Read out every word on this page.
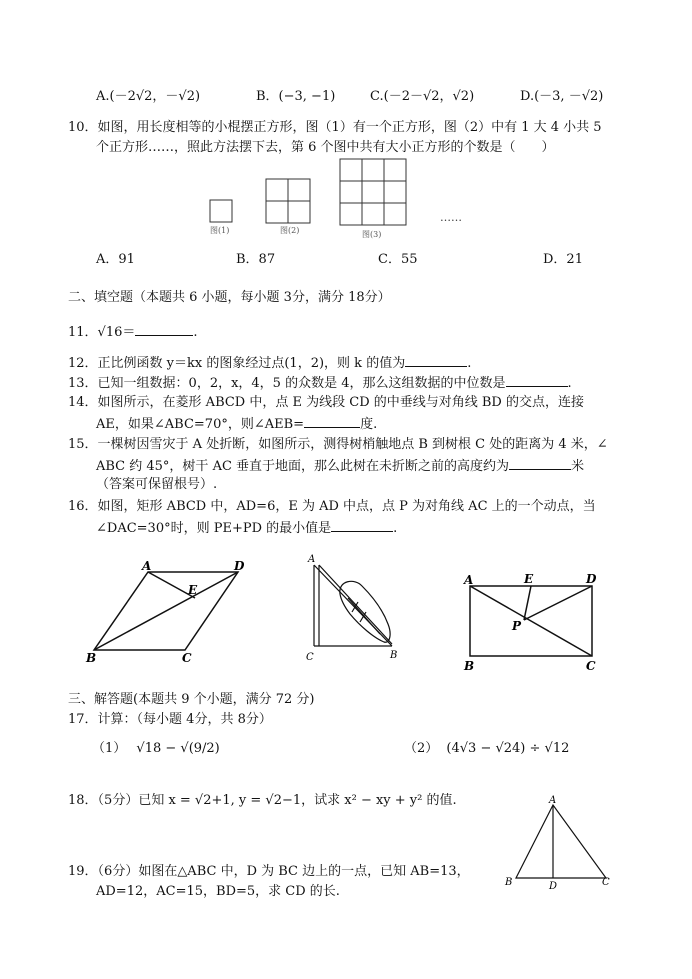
A.(－2√2，－√2)	B．(−3, −1)	C.(－2－√2，√2)	D.(－3, －√2)
10．如图，用长度相等的小棍摆正方形，图（1）有一个正方形，图（2）中有 1 大 4 小共 5
个正方形……，照此方法摆下去，第 6 个图中共有大小正方形的个数是（　　）
图(1)	图(2)	图(3)
……
A．91	B．87	C．55	D．21
二、填空题（本题共 6 小题，每小题 3分，满分 18分）
11．√16＝	.
12．正比例函数 y＝kx 的图象经过点(1，2)，则 k 的值为	.
13．已知一组数据：0，2，x，4，5 的众数是 4，那么这组数据的中位数是	.
14．如图所示，在菱形 ABCD 中，点 E 为线段 CD 的中垂线与对角线 BD 的交点，连接
AE，如果∠ABC=70°，则∠AEB=	度.
15．一棵树因雪灾于 A 处折断，如图所示，测得树梢触地点 B 到树根 C 处的距离为 4 米，∠
ABC 约 45°，树干 AC 垂直于地面，那么此树在未折断之前的高度约为	米
（答案可保留根号）.
16．如图，矩形 ABCD 中，AD=6，E 为 AD 中点，点 P 为对角线 AC 上的一个动点，当
∠DAC=30°时，则 PE+PD 的最小值是	.
A	D
E
B	C
A
C	B
A	E	D
P
B	C
三、解答题(本题共 9 个小题，满分 72 分)
17．计算：（每小题 4分，共 8分）
（1） √18 − √(9/2)	（2） (4√3 − √24) ÷ √12
18．（5分）已知 x = √2+1, y = √2−1，试求 x² − xy + y² 的值.	A
B	D	C
19．（6分）如图在△ABC 中，D 为 BC 边上的一点，已知 AB=13，
AD=12，AC=15，BD=5，求 CD 的长.
